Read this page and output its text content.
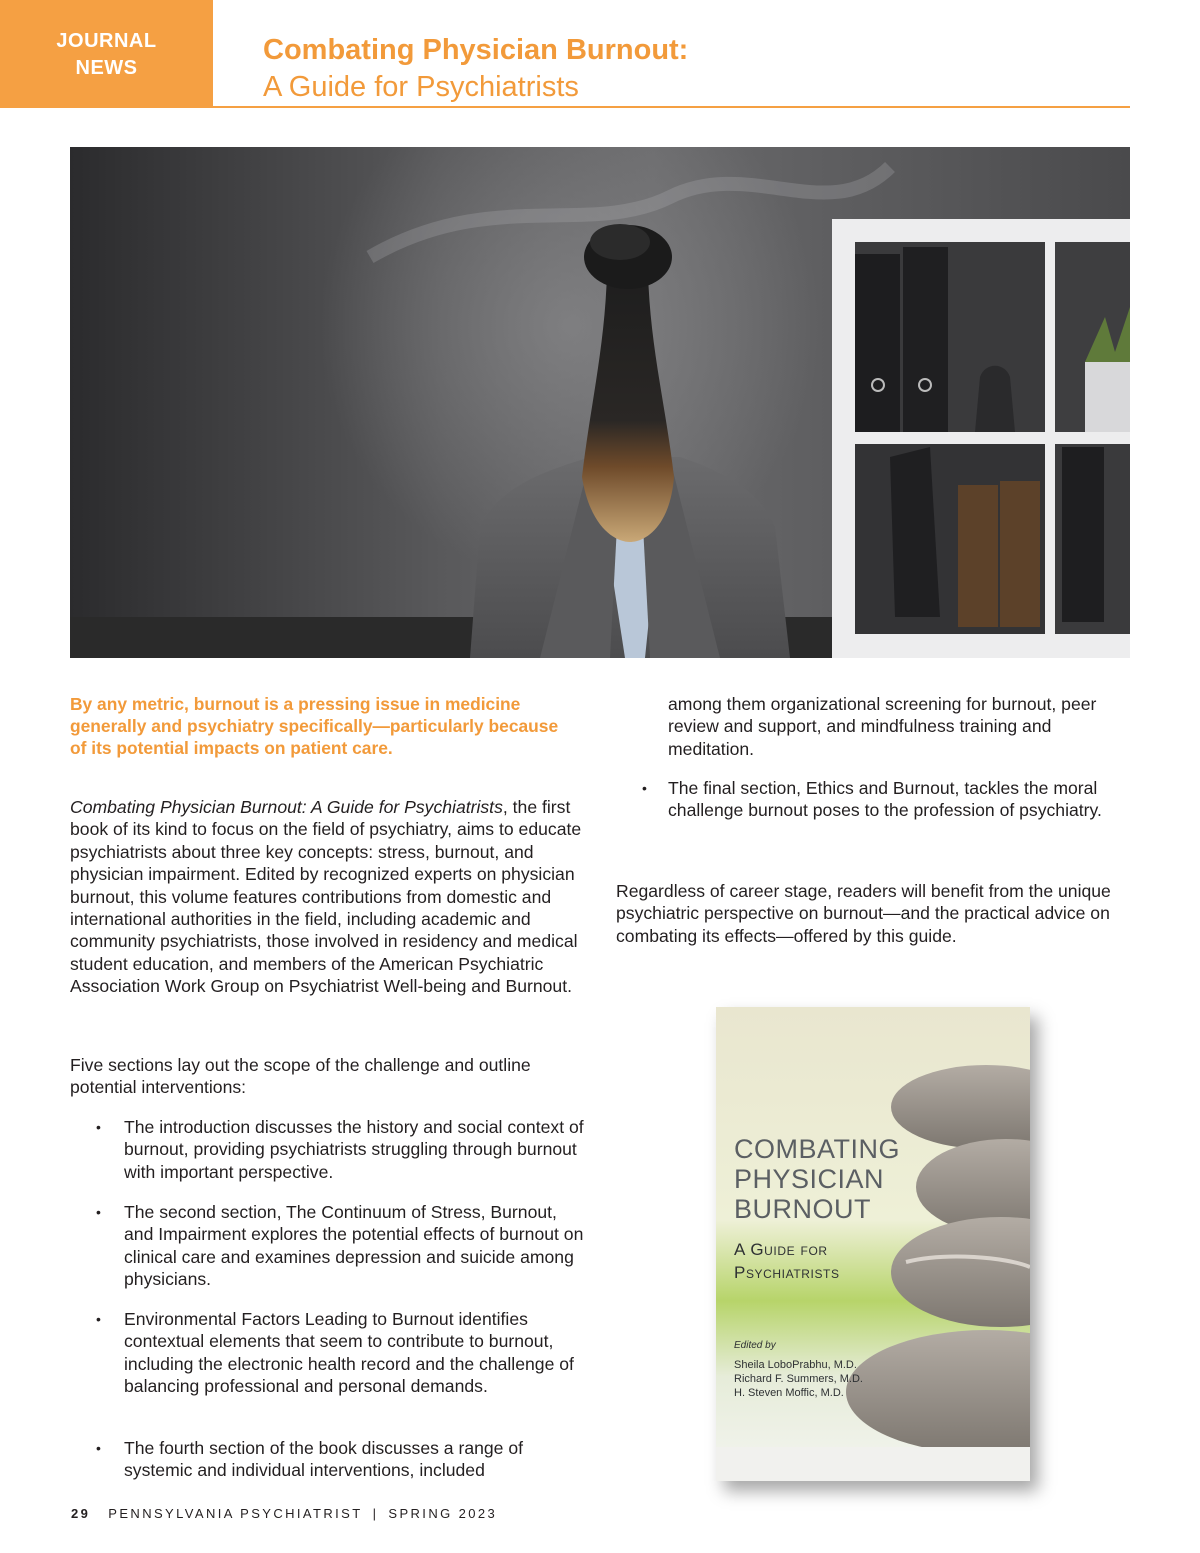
JOURNAL
NEWS
Combating Physician Burnout:
A Guide for Psychiatrists
By any metric, burnout is a pressing issue in medicine generally and psychiatry specifically—particularly because of its potential impacts on patient care.
Combating Physician Burnout: A Guide for Psychiatrists, the first book of its kind to focus on the field of psychiatry, aims to educate psychiatrists about three key concepts: stress, burnout, and physician impairment. Edited by recognized experts on physician burnout, this volume features contributions from domestic and international authorities in the field, including academic and community psychiatrists, those involved in residency and medical student education, and members of the American Psychiatric Association Work Group on Psychiatrist Well-being and Burnout.
Five sections lay out the scope of the challenge and outline potential interventions:
• The introduction discusses the history and social context of burnout, providing psychiatrists struggling through burnout with important perspective.
• The second section, The Continuum of Stress, Burnout, and Impairment explores the potential effects of burnout on clinical care and examines depression and suicide among physicians.
• Environmental Factors Leading to Burnout identifies contextual elements that seem to contribute to burnout, including the electronic health record and the challenge of balancing professional and personal demands.
• The fourth section of the book discusses a range of systemic and individual interventions, included
among them organizational screening for burnout, peer review and support, and mindfulness training and meditation.
• The final section, Ethics and Burnout, tackles the moral challenge burnout poses to the profession of psychiatry.
Regardless of career stage, readers will benefit from the unique psychiatric perspective on burnout—and the practical advice on combating its effects—offered by this guide.
COMBATING
PHYSICIAN
BURNOUT
A Guide for
Psychiatrists
Edited by
Sheila LoboPrabhu, M.D.
Richard F. Summers, M.D.
H. Steven Moffic, M.D.
29 PENNSYLVANIA PSYCHIATRIST | SPRING 2023
